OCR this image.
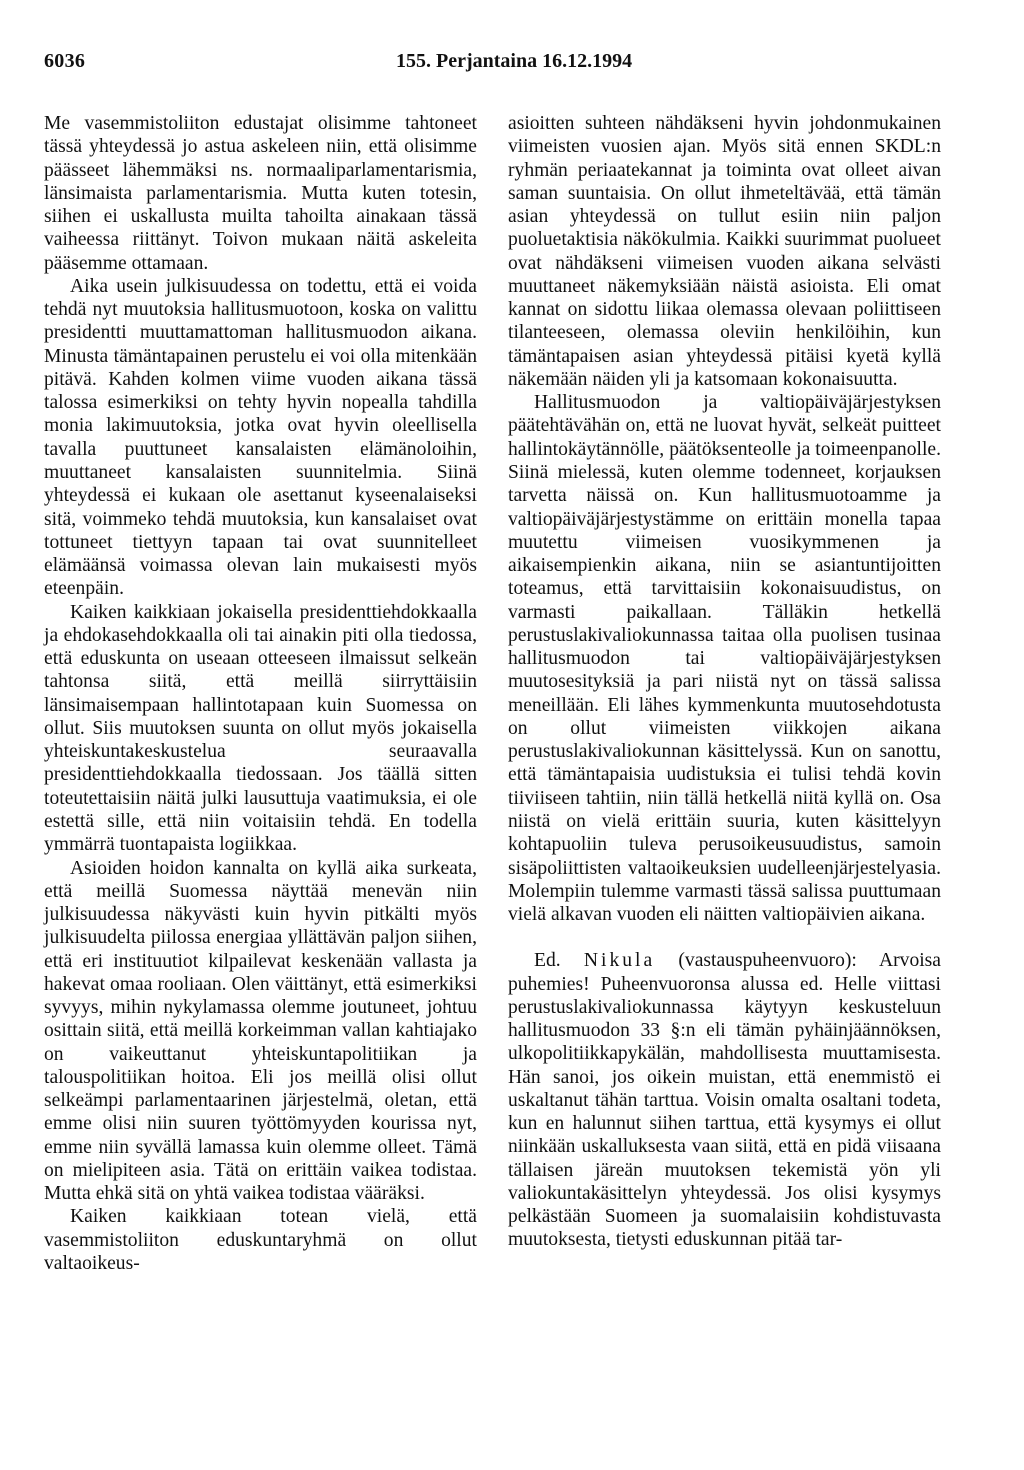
6036	155. Perjantaina 16.12.1994

Me vasemmistoliiton edustajat olisimme tahtoneet tässä yhteydessä jo astua askeleen niin, että olisimme päässeet lähemmäksi ns. normaaliparlamentarismia, länsimaista parlamentarismia. Mutta kuten totesin, siihen ei uskallusta muilta tahoilta ainakaan tässä vaiheessa riittänyt. Toivon mukaan näitä askeleita pääsemme ottamaan.

Aika usein julkisuudessa on todettu, että ei voida tehdä nyt muutoksia hallitusmuotoon, koska on valittu presidentti muuttamattoman hallitusmuodon aikana. Minusta tämäntapainen perustelu ei voi olla mitenkään pitävä. Kahden kolmen viime vuoden aikana tässä talossa esimerkiksi on tehty hyvin nopealla tahdilla monia lakimuutoksia, jotka ovat hyvin oleellisella tavalla puuttuneet kansalaisten elämänoloihin, muuttaneet kansalaisten suunnitelmia. Siinä yhteydessä ei kukaan ole asettanut kyseenalaiseksi sitä, voimmeko tehdä muutoksia, kun kansalaiset ovat tottuneet tiettyyn tapaan tai ovat suunnitelleet elämäänsä voimassa olevan lain mukaisesti myös eteenpäin.

Kaiken kaikkiaan jokaisella presidenttiehdokkaalla ja ehdokasehdokkaalla oli tai ainakin piti olla tiedossa, että eduskunta on useaan otteeseen ilmaissut selkeän tahtonsa siitä, että meillä siirryttäisiin länsimaisempaan hallintotapaan kuin Suomessa on ollut. Siis muutoksen suunta on ollut myös jokaisella yhteiskuntakeskustelua seuraavalla presidenttiehdokkaalla tiedossaan. Jos täällä sitten toteutettaisiin näitä julki lausuttuja vaatimuksia, ei ole estettä sille, että niin voitaisiin tehdä. En todella ymmärrä tuontapaista logiikkaa.

Asioiden hoidon kannalta on kyllä aika surkeata, että meillä Suomessa näyttää menevän niin julkisuudessa näkyvästi kuin hyvin pitkälti myös julkisuudelta piilossa energiaa yllättävän paljon siihen, että eri instituutiot kilpailevat keskenään vallasta ja hakevat omaa rooliaan. Olen väittänyt, että esimerkiksi syvyys, mihin nykylamassa olemme joutuneet, johtuu osittain siitä, että meillä korkeimman vallan kahtiajako on vaikeuttanut yhteiskuntapolitiikan ja talouspolitiikan hoitoa. Eli jos meillä olisi ollut selkeämpi parlamentaarinen järjestelmä, oletan, että emme olisi niin suuren työttömyyden kourissa nyt, emme niin syvällä lamassa kuin olemme olleet. Tämä on mielipiteen asia. Tätä on erittäin vaikea todistaa. Mutta ehkä sitä on yhtä vaikea todistaa vääräksi.

Kaiken kaikkiaan totean vielä, että vasemmistoliiton eduskuntaryhmä on ollut valtaoikeus-

asioitten suhteen nähdäkseni hyvin johdonmukainen viimeisten vuosien ajan. Myös sitä ennen SKDL:n ryhmän periaatekannat ja toiminta ovat olleet aivan saman suuntaisia. On ollut ihmeteltävää, että tämän asian yhteydessä on tullut esiin niin paljon puoluetaktisia näkökulmia. Kaikki suurimmat puolueet ovat nähdäkseni viimeisen vuoden aikana selvästi muuttaneet näkemyksiään näistä asioista. Eli omat kannat on sidottu liikaa olemassa olevaan poliittiseen tilanteeseen, olemassa oleviin henkilöihin, kun tämäntapaisen asian yhteydessä pitäisi kyetä kyllä näkemään näiden yli ja katsomaan kokonaisuutta.

Hallitusmuodon ja valtiopäiväjärjestyksen päätehtävähän on, että ne luovat hyvät, selkeät puitteet hallintokäytännölle, päätöksenteolle ja toimeenpanolle. Siinä mielessä, kuten olemme todenneet, korjauksen tarvetta näissä on. Kun hallitusmuotoamme ja valtiopäiväjärjestystämme on erittäin monella tapaa muutettu viimeisen vuosikymmenen ja aikaisempienkin aikana, niin se asiantuntijoitten toteamus, että tarvittaisiin kokonaisuudistus, on varmasti paikallaan. Tälläkin hetkellä perustuslakivaliokunnassa taitaa olla puolisen tusinaa hallitusmuodon tai valtiopäiväjärjestyksen muutosesityksiä ja pari niistä nyt on tässä salissa meneillään. Eli lähes kymmenkunta muutosehdotusta on ollut viimeisten viikkojen aikana perustuslakivaliokunnan käsittelyssä. Kun on sanottu, että tämäntapaisia uudistuksia ei tulisi tehdä kovin tiiviiseen tahtiin, niin tällä hetkellä niitä kyllä on. Osa niistä on vielä erittäin suuria, kuten käsittelyyn kohtapuoliin tuleva perusoikeusuudistus, samoin sisäpoliittisten valtaoikeuksien uudelleenjärjestelyasia. Molempiin tulemme varmasti tässä salissa puuttumaan vielä alkavan vuoden eli näitten valtiopäivien aikana.

Ed. Nikula (vastauspuheenvuoro): Arvoisa puhemies! Puheenvuoronsa alussa ed. Helle viittasi perustuslakivaliokunnassa käytyyn keskusteluun hallitusmuodon 33 §:n eli tämän pyhäinjäännöksen, ulkopolitiikkapykälän, mahdollisesta muuttamisesta. Hän sanoi, jos oikein muistan, että enemmistö ei uskaltanut tähän tarttua. Voisin omalta osaltani todeta, kun en halunnut siihen tarttua, että kysymys ei ollut niinkään uskalluksesta vaan siitä, että en pidä viisaana tällaisen järeän muutoksen tekemistä yön yli valiokuntakäsittelyn yhteydessä. Jos olisi kysymys pelkästään Suomeen ja suomalaisiin kohdistuvasta muutoksesta, tietysti eduskunnan pitää tar-
